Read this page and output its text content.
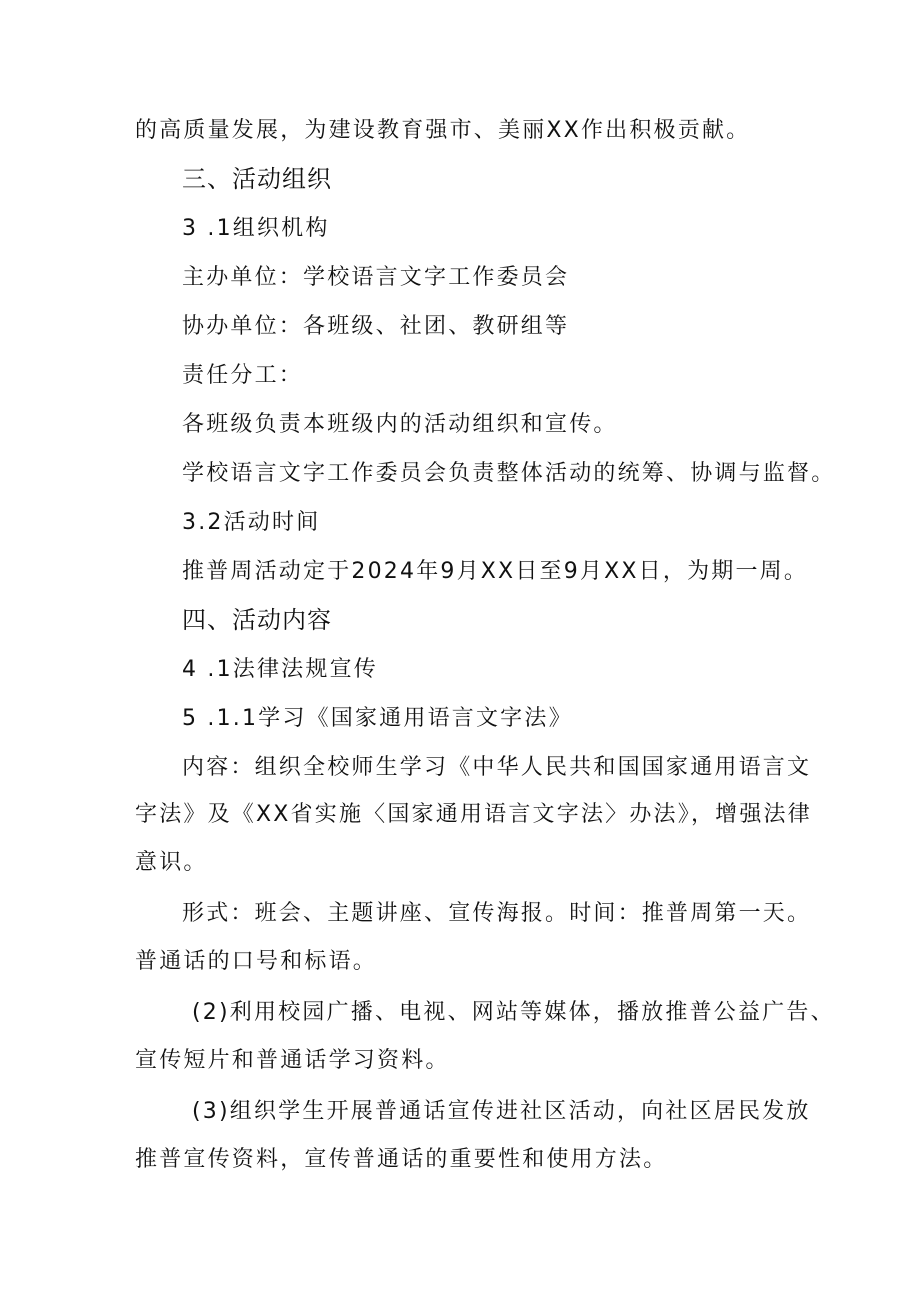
的高质量发展，为建设教育强市、美丽XX作出积极贡献。
三、活动组织
3 .1组织机构
主办单位：学校语言文字工作委员会
协办单位：各班级、社团、教研组等
责任分工：
各班级负责本班级内的活动组织和宣传。
学校语言文字工作委员会负责整体活动的统筹、协调与监督。
3.2活动时间
推普周活动定于2024年9月XX日至9月XX日，为期一周。
四、活动内容
4 .1法律法规宣传
5 .1.1学习《国家通用语言文字法》
内容：组织全校师生学习《中华人民共和国国家通用语言文
字法》及《XX省实施〈国家通用语言文字法〉办法》，增强法律
意识。
形式：班会、主题讲座、宣传海报。时间：推普周第一天。
普通话的口号和标语。
(2)利用校园广播、电视、网站等媒体，播放推普公益广告、
宣传短片和普通话学习资料。
(3)组织学生开展普通话宣传进社区活动，向社区居民发放
推普宣传资料，宣传普通话的重要性和使用方法。
